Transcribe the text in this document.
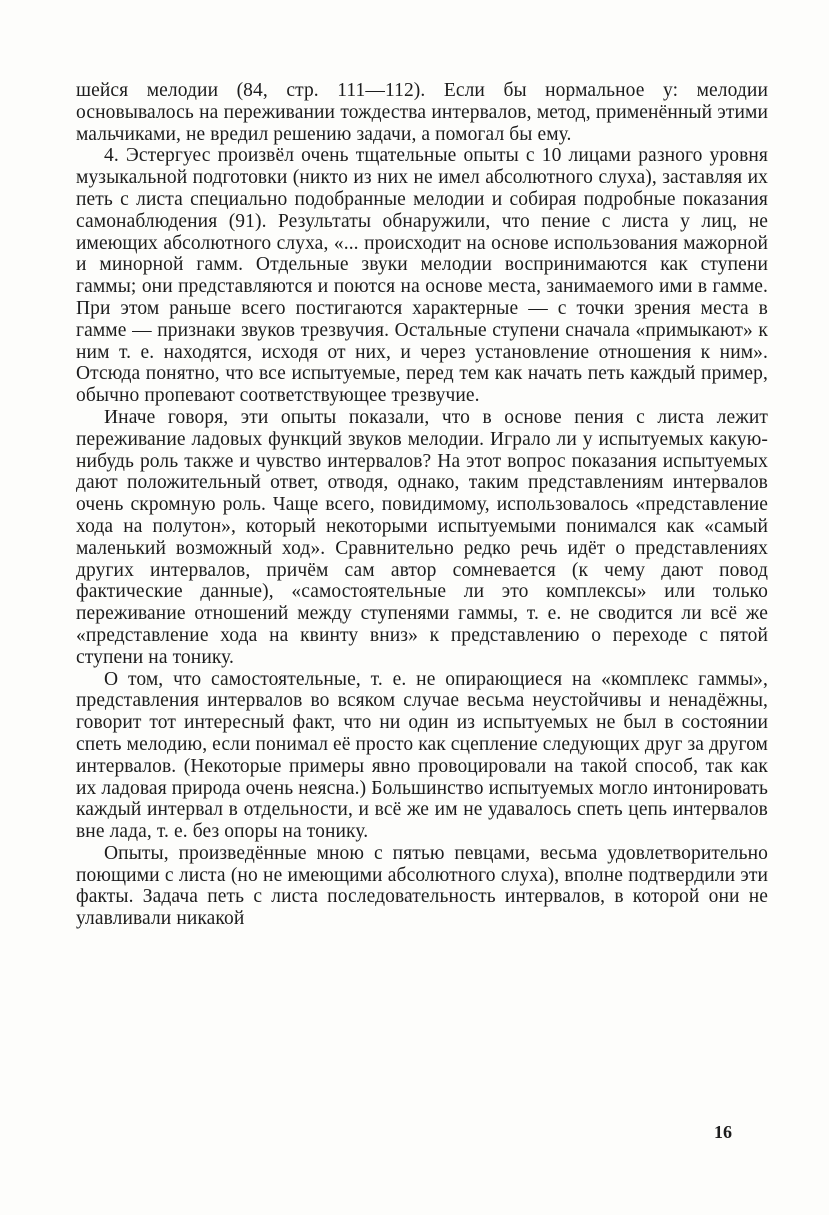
шейся мелодии (84, стр. 111—112). Если бы нормальное у: мелодии основывалось на переживании тождества интервалов, метод, применённый этими мальчиками, не вредил решению задачи, а помогал бы ему.

4. Эстергуес произвёл очень тщательные опыты с 10 лицами разного уровня музыкальной подготовки (никто из них не имел абсолютного слуха), заставляя их петь с листа специально подобранные мелодии и собирая подробные показания самонаблюдения (91). Результаты обнаружили, что пение с листа у лиц, не имеющих абсолютного слуха, «... происходит на основе использования мажорной и минорной гамм. Отдельные звуки мелодии воспринимаются как ступени гаммы; они представляются и поются на основе места, занимаемого ими в гамме. При этом раньше всего постигаются характерные — с точки зрения места в гамме — признаки звуков трезвучия. Остальные ступени сначала «примыкают» к ним т. е. находятся, исходя от них, и через установление отношения к ним». Отсюда понятно, что все испытуемые, перед тем как начать петь каждый пример, обычно пропевают соответствующее трезвучие.

Иначе говоря, эти опыты показали, что в основе пения с листа лежит переживание ладовых функций звуков мелодии. Играло ли у испытуемых какую-нибудь роль также и чувство интервалов? На этот вопрос показания испытуемых дают положительный ответ, отводя, однако, таким представлениям интервалов очень скромную роль. Чаще всего, повидимому, использовалось «представление хода на полутон», который некоторыми испытуемыми понимался как «самый маленький возможный ход». Сравнительно редко речь идёт о представлениях других интервалов, причём сам автор сомневается (к чему дают повод фактические данные), «самостоятельные ли это комплексы» или только переживание отношений между ступенями гаммы, т. е. не сводится ли всё же «представление хода на квинту вниз» к представлению о переходе с пятой ступени на тонику.

О том, что самостоятельные, т. е. не опирающиеся на «комплекс гаммы», представления интервалов во всяком случае весьма неустойчивы и ненадёжны, говорит тот интересный факт, что ни один из испытуемых не был в состоянии спеть мелодию, если понимал её просто как сцепление следующих друг за другом интервалов. (Некоторые примеры явно провоцировали на такой способ, так как их ладовая природа очень неясна.) Большинство испытуемых могло интонировать каждый интервал в отдельности, и всё же им не удавалось спеть цепь интервалов вне лада, т. е. без опоры на тонику.

Опыты, произведённые мною с пятью певцами, весьма удовлетворительно поющими с листа (но не имеющими абсолютного слуха), вполне подтвердили эти факты. Задача петь с листа последовательность интервалов, в которой они не улавливали никакой

16
